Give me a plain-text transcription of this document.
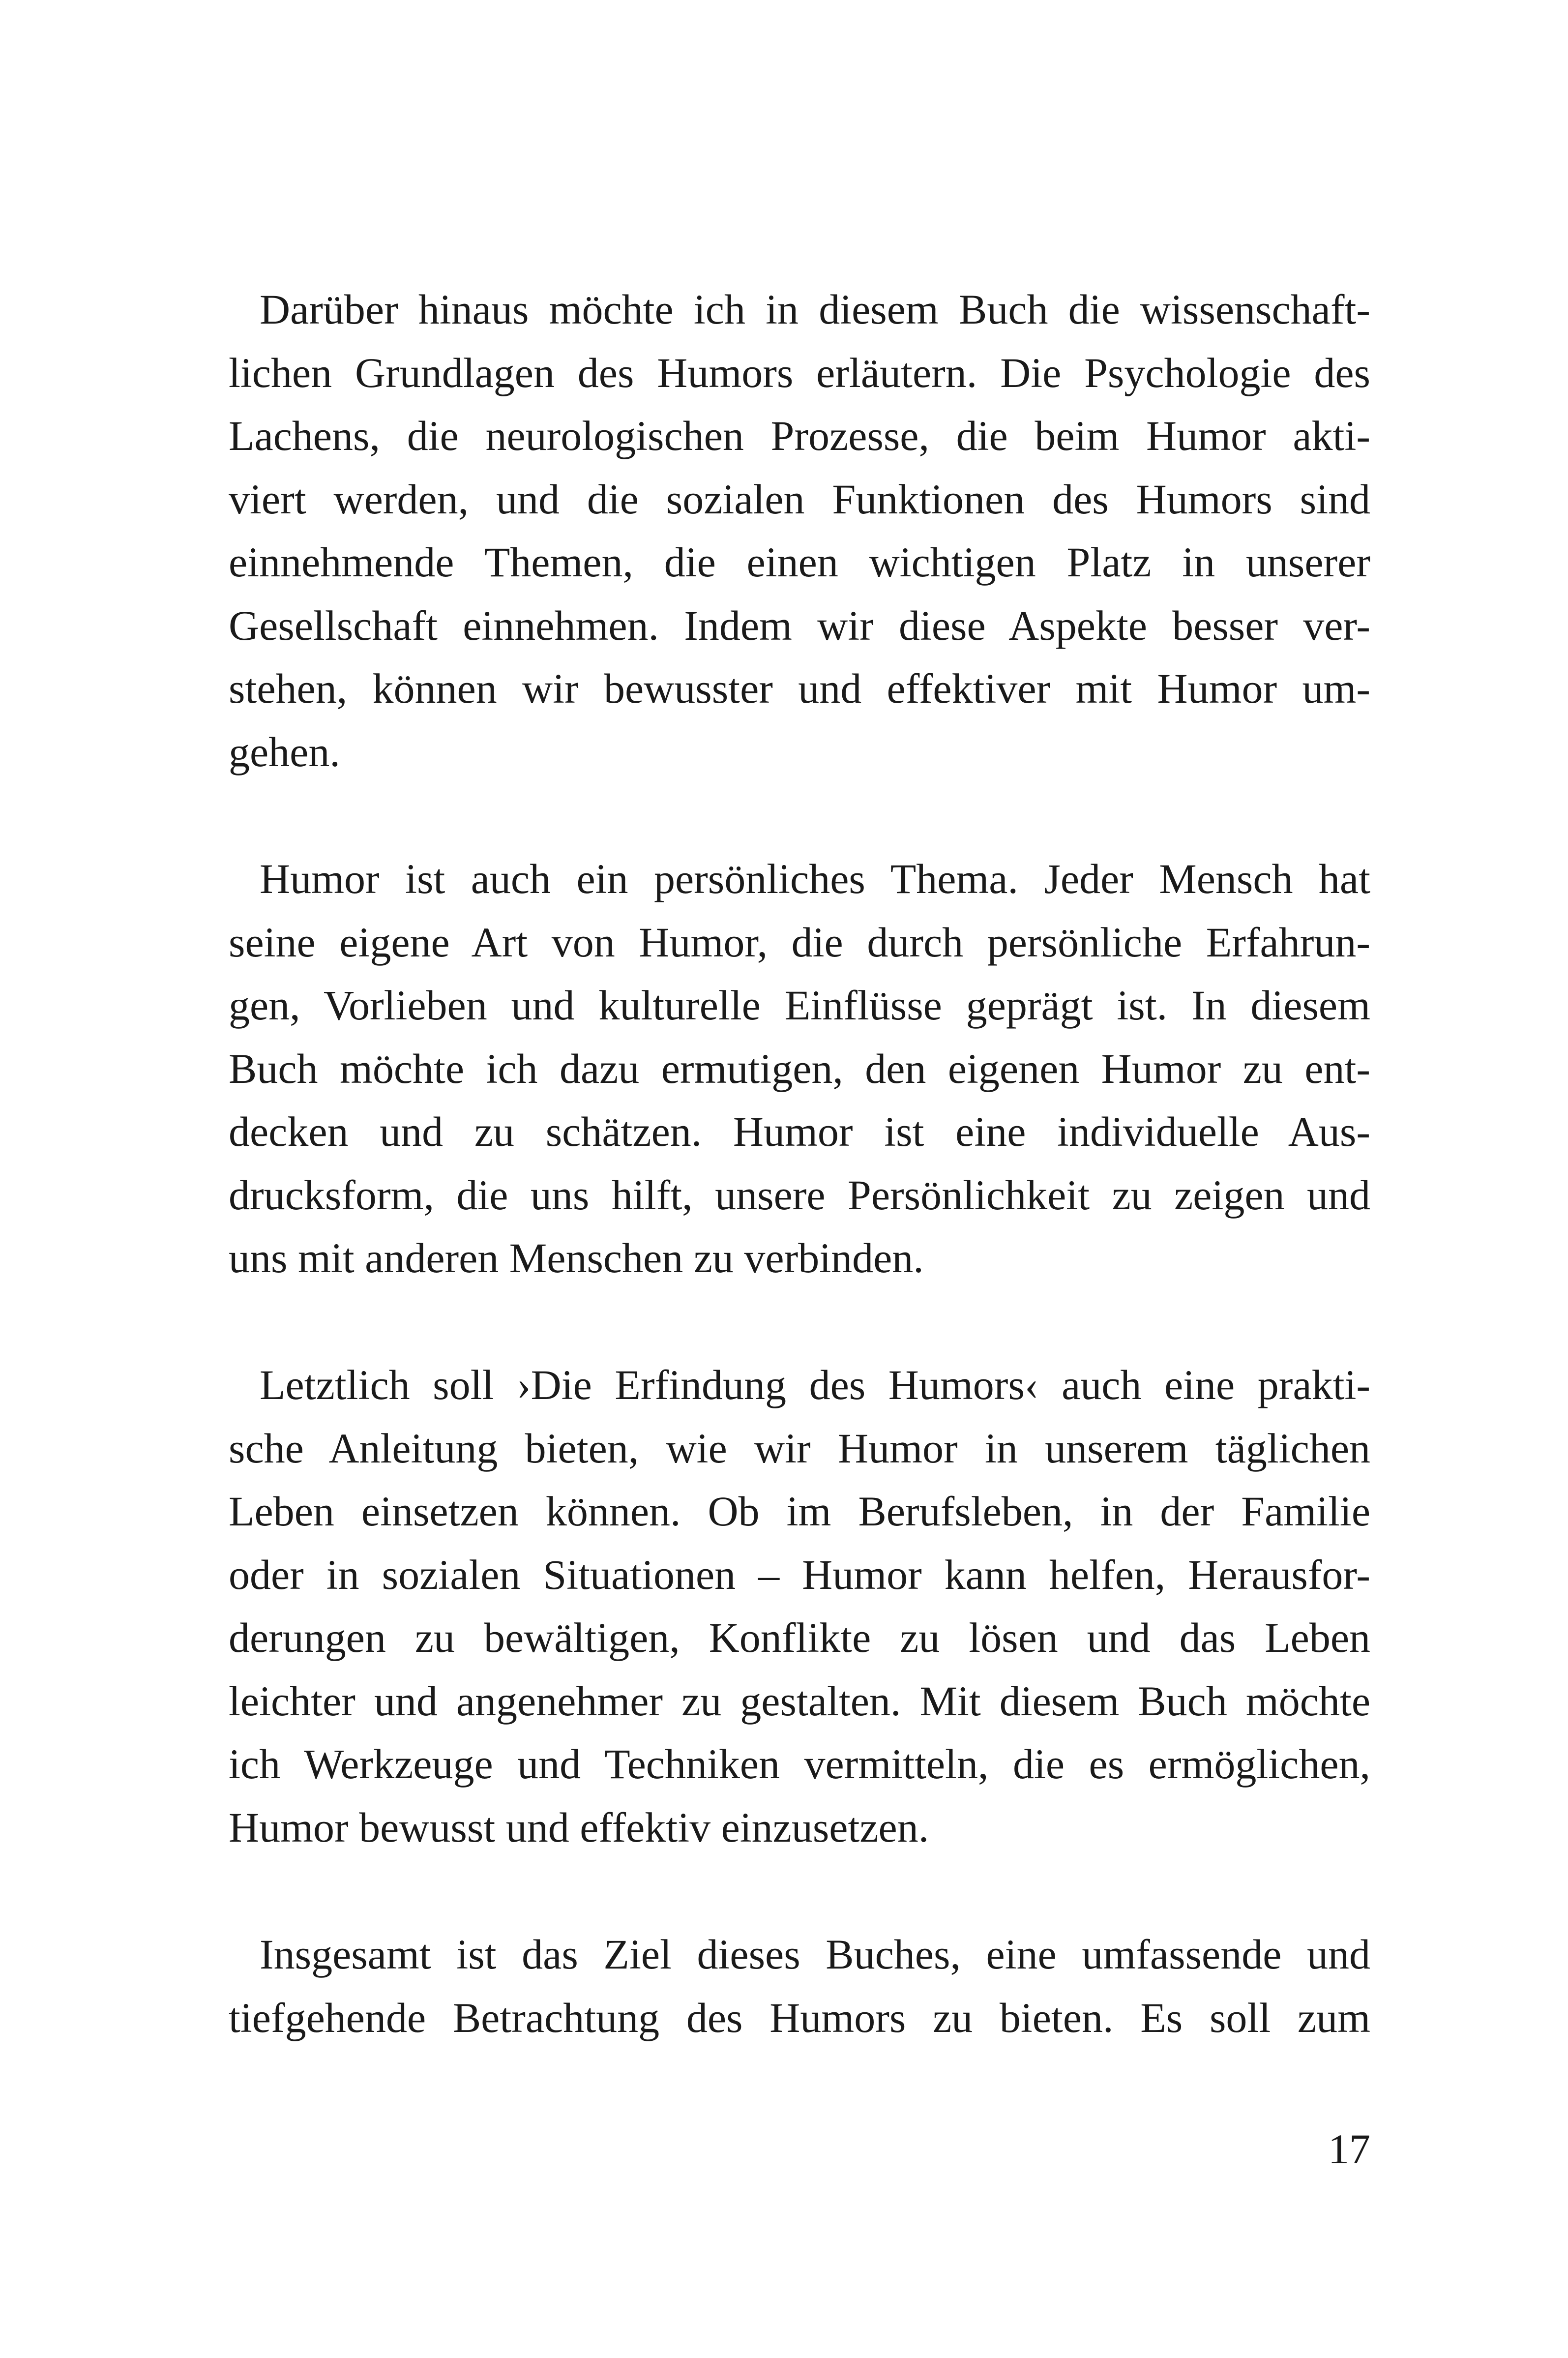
Darüber hinaus möchte ich in diesem Buch die wissenschaft-
lichen Grundlagen des Humors erläutern. Die Psychologie des
Lachens, die neurologischen Prozesse, die beim Humor akti-
viert werden, und die sozialen Funktionen des Humors sind
einnehmende Themen, die einen wichtigen Platz in unserer
Gesellschaft einnehmen. Indem wir diese Aspekte besser ver-
stehen, können wir bewusster und effektiver mit Humor um-
gehen.
Humor ist auch ein persönliches Thema. Jeder Mensch hat
seine eigene Art von Humor, die durch persönliche Erfahrun-
gen, Vorlieben und kulturelle Einflüsse geprägt ist. In diesem
Buch möchte ich dazu ermutigen, den eigenen Humor zu ent-
decken und zu schätzen. Humor ist eine individuelle Aus-
drucksform, die uns hilft, unsere Persönlichkeit zu zeigen und
uns mit anderen Menschen zu verbinden.
Letztlich soll ›Die Erfindung des Humors‹ auch eine prakti-
sche Anleitung bieten, wie wir Humor in unserem täglichen
Leben einsetzen können. Ob im Berufsleben, in der Familie
oder in sozialen Situationen – Humor kann helfen, Herausfor-
derungen zu bewältigen, Konflikte zu lösen und das Leben
leichter und angenehmer zu gestalten. Mit diesem Buch möchte
ich Werkzeuge und Techniken vermitteln, die es ermöglichen,
Humor bewusst und effektiv einzusetzen.
Insgesamt ist das Ziel dieses Buches, eine umfassende und
tiefgehende Betrachtung des Humors zu bieten. Es soll zum
17
